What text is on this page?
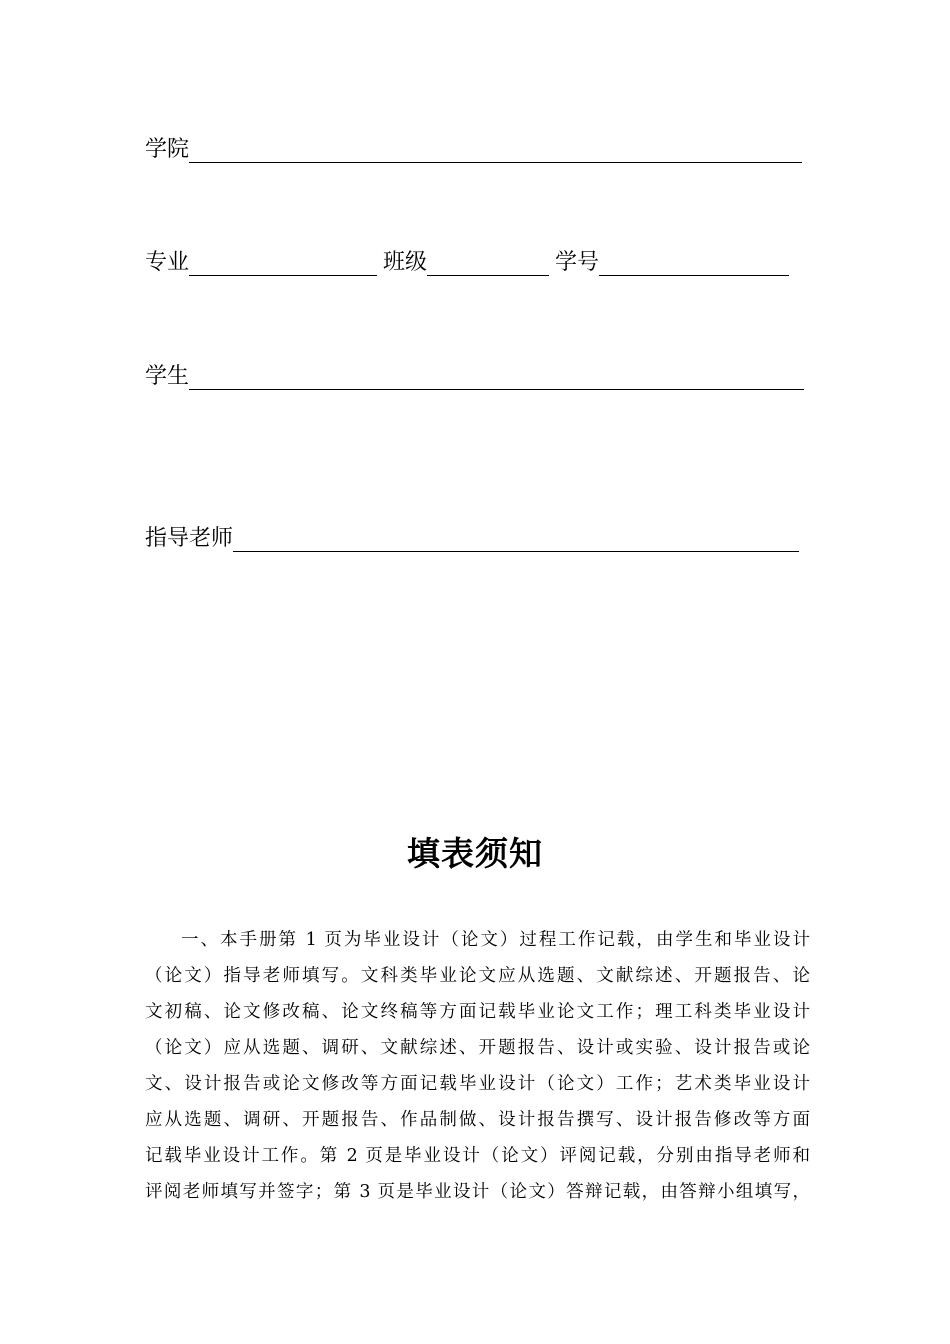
学院
专业	班级	学号
学生
指导老师
填表须知
一、本手册第 1 页为毕业设计（论文）过程工作记载，由学生和毕业设计
（论文）指导老师填写。文科类毕业论文应从选题、文献综述、开题报告、论
文初稿、论文修改稿、论文终稿等方面记载毕业论文工作；理工科类毕业设计
（论文）应从选题、调研、文献综述、开题报告、设计或实验、设计报告或论
文、设计报告或论文修改等方面记载毕业设计（论文）工作；艺术类毕业设计
应从选题、调研、开题报告、作品制做、设计报告撰写、设计报告修改等方面
记载毕业设计工作。第 2 页是毕业设计（论文）评阅记载，分别由指导老师和
评阅老师填写并签字；第 3 页是毕业设计（论文）答辩记载，由答辩小组填写，
